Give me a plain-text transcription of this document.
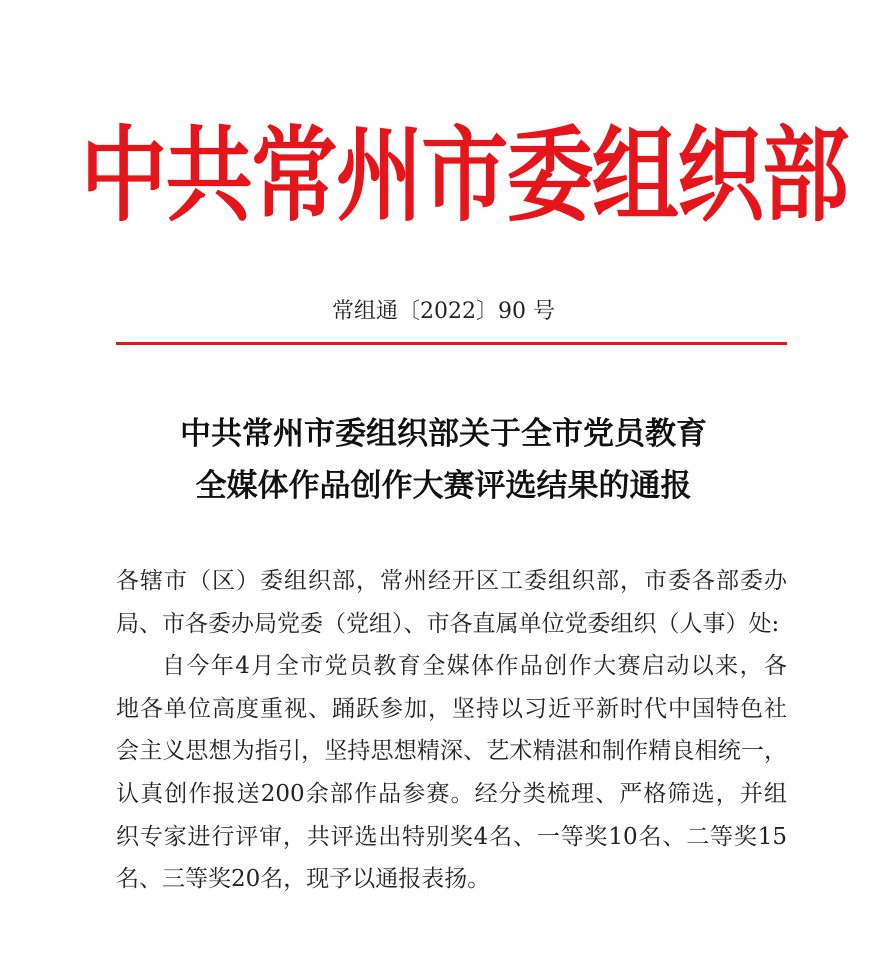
中共常州市委组织部
常组通〔2022〕90 号
中共常州市委组织部关于全市党员教育
全媒体作品创作大赛评选结果的通报
各辖市（区）委组织部，常州经开区工委组织部，市委各部委办
局、市各委办局党委（党组）、市各直属单位党委组织（人事）处:
自今年4月全市党员教育全媒体作品创作大赛启动以来，各
地各单位高度重视、踊跃参加，坚持以习近平新时代中国特色社
会主义思想为指引，坚持思想精深、艺术精湛和制作精良相统一，
认真创作报送200余部作品参赛。经分类梳理、严格筛选，并组
织专家进行评审，共评选出特别奖4名、一等奖10名、二等奖15
名、三等奖20名，现予以通报表扬。
